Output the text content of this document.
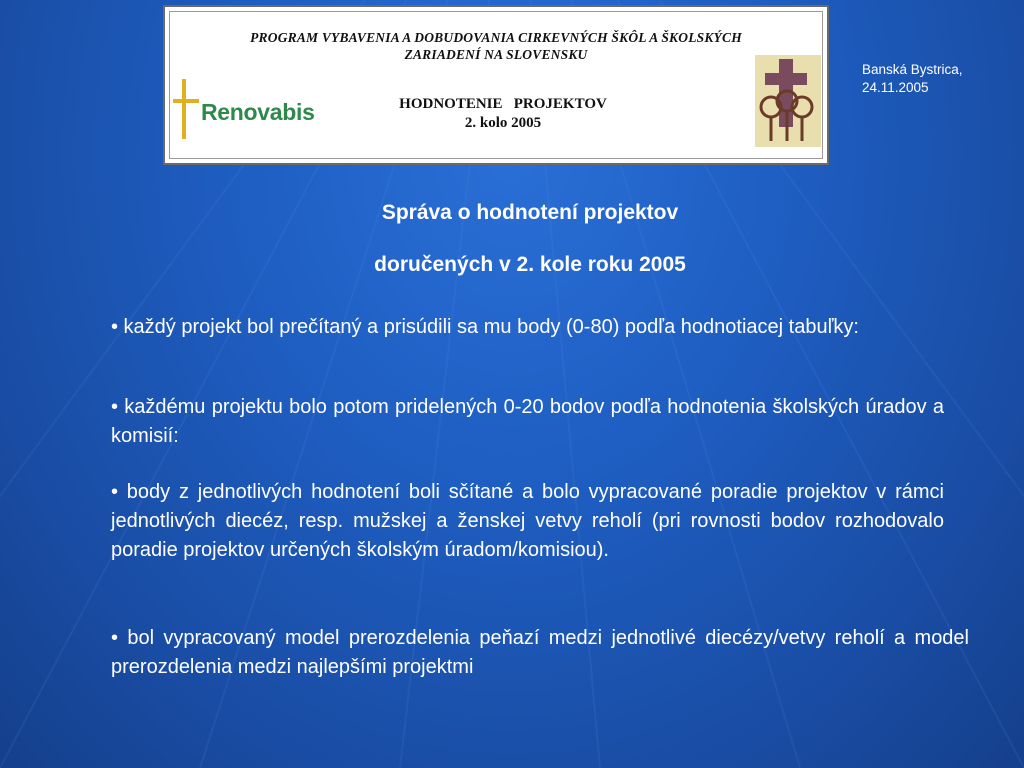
PROGRAM VYBAVENIA A DOBUDOVANIA CIRKEVNÝCH ŠKÔL A ŠKOLSKÝCH
ZARIADENÍ NA SLOVENSKU
Renovabis	HODNOTENIE   PROJEKTOV
2. kolo 2005
Banská Bystrica,
24.11.2005
Správa o hodnotení projektov
doručených v 2. kole roku 2005
• každý projekt bol prečítaný a prisúdili sa mu body (0-80) podľa hodnotiacej tabuľky:
• každému projektu bolo potom pridelených 0-20 bodov podľa hodnotenia školských úradov a komisií:
• body z jednotlivých hodnotení boli sčítané a bolo vypracované poradie projektov v rámci jednotlivých diecéz, resp. mužskej a ženskej vetvy reholí (pri rovnosti bodov rozhodovalo poradie projektov určených školským úradom/komisiou).
• bol vypracovaný model prerozdelenia peňazí medzi jednotlivé diecézy/vetvy reholí a model prerozdelenia medzi najlepšími projektmi
